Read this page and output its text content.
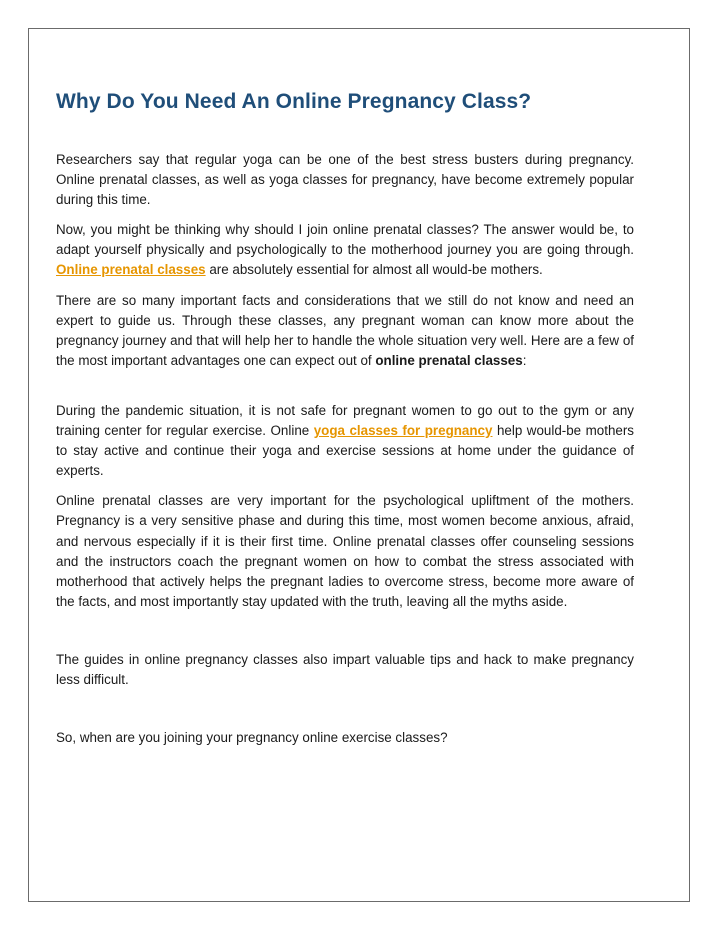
Why Do You Need An Online Pregnancy Class?

Researchers say that regular yoga can be one of the best stress busters during pregnancy. Online prenatal classes, as well as yoga classes for pregnancy, have become extremely popular during this time.

Now, you might be thinking why should I join online prenatal classes? The answer would be, to adapt yourself physically and psychologically to the motherhood journey you are going through. Online prenatal classes are absolutely essential for almost all would-be mothers.

There are so many important facts and considerations that we still do not know and need an expert to guide us. Through these classes, any pregnant woman can know more about the pregnancy journey and that will help her to handle the whole situation very well. Here are a few of the most important advantages one can expect out of online prenatal classes:

During the pandemic situation, it is not safe for pregnant women to go out to the gym or any training center for regular exercise. Online yoga classes for pregnancy help would-be mothers to stay active and continue their yoga and exercise sessions at home under the guidance of experts.

Online prenatal classes are very important for the psychological upliftment of the mothers. Pregnancy is a very sensitive phase and during this time, most women become anxious, afraid, and nervous especially if it is their first time. Online prenatal classes offer counseling sessions and the instructors coach the pregnant women on how to combat the stress associated with motherhood that actively helps the pregnant ladies to overcome stress, become more aware of the facts, and most importantly stay updated with the truth, leaving all the myths aside.

The guides in online pregnancy classes also impart valuable tips and hack to make pregnancy less difficult.

So, when are you joining your pregnancy online exercise classes?
